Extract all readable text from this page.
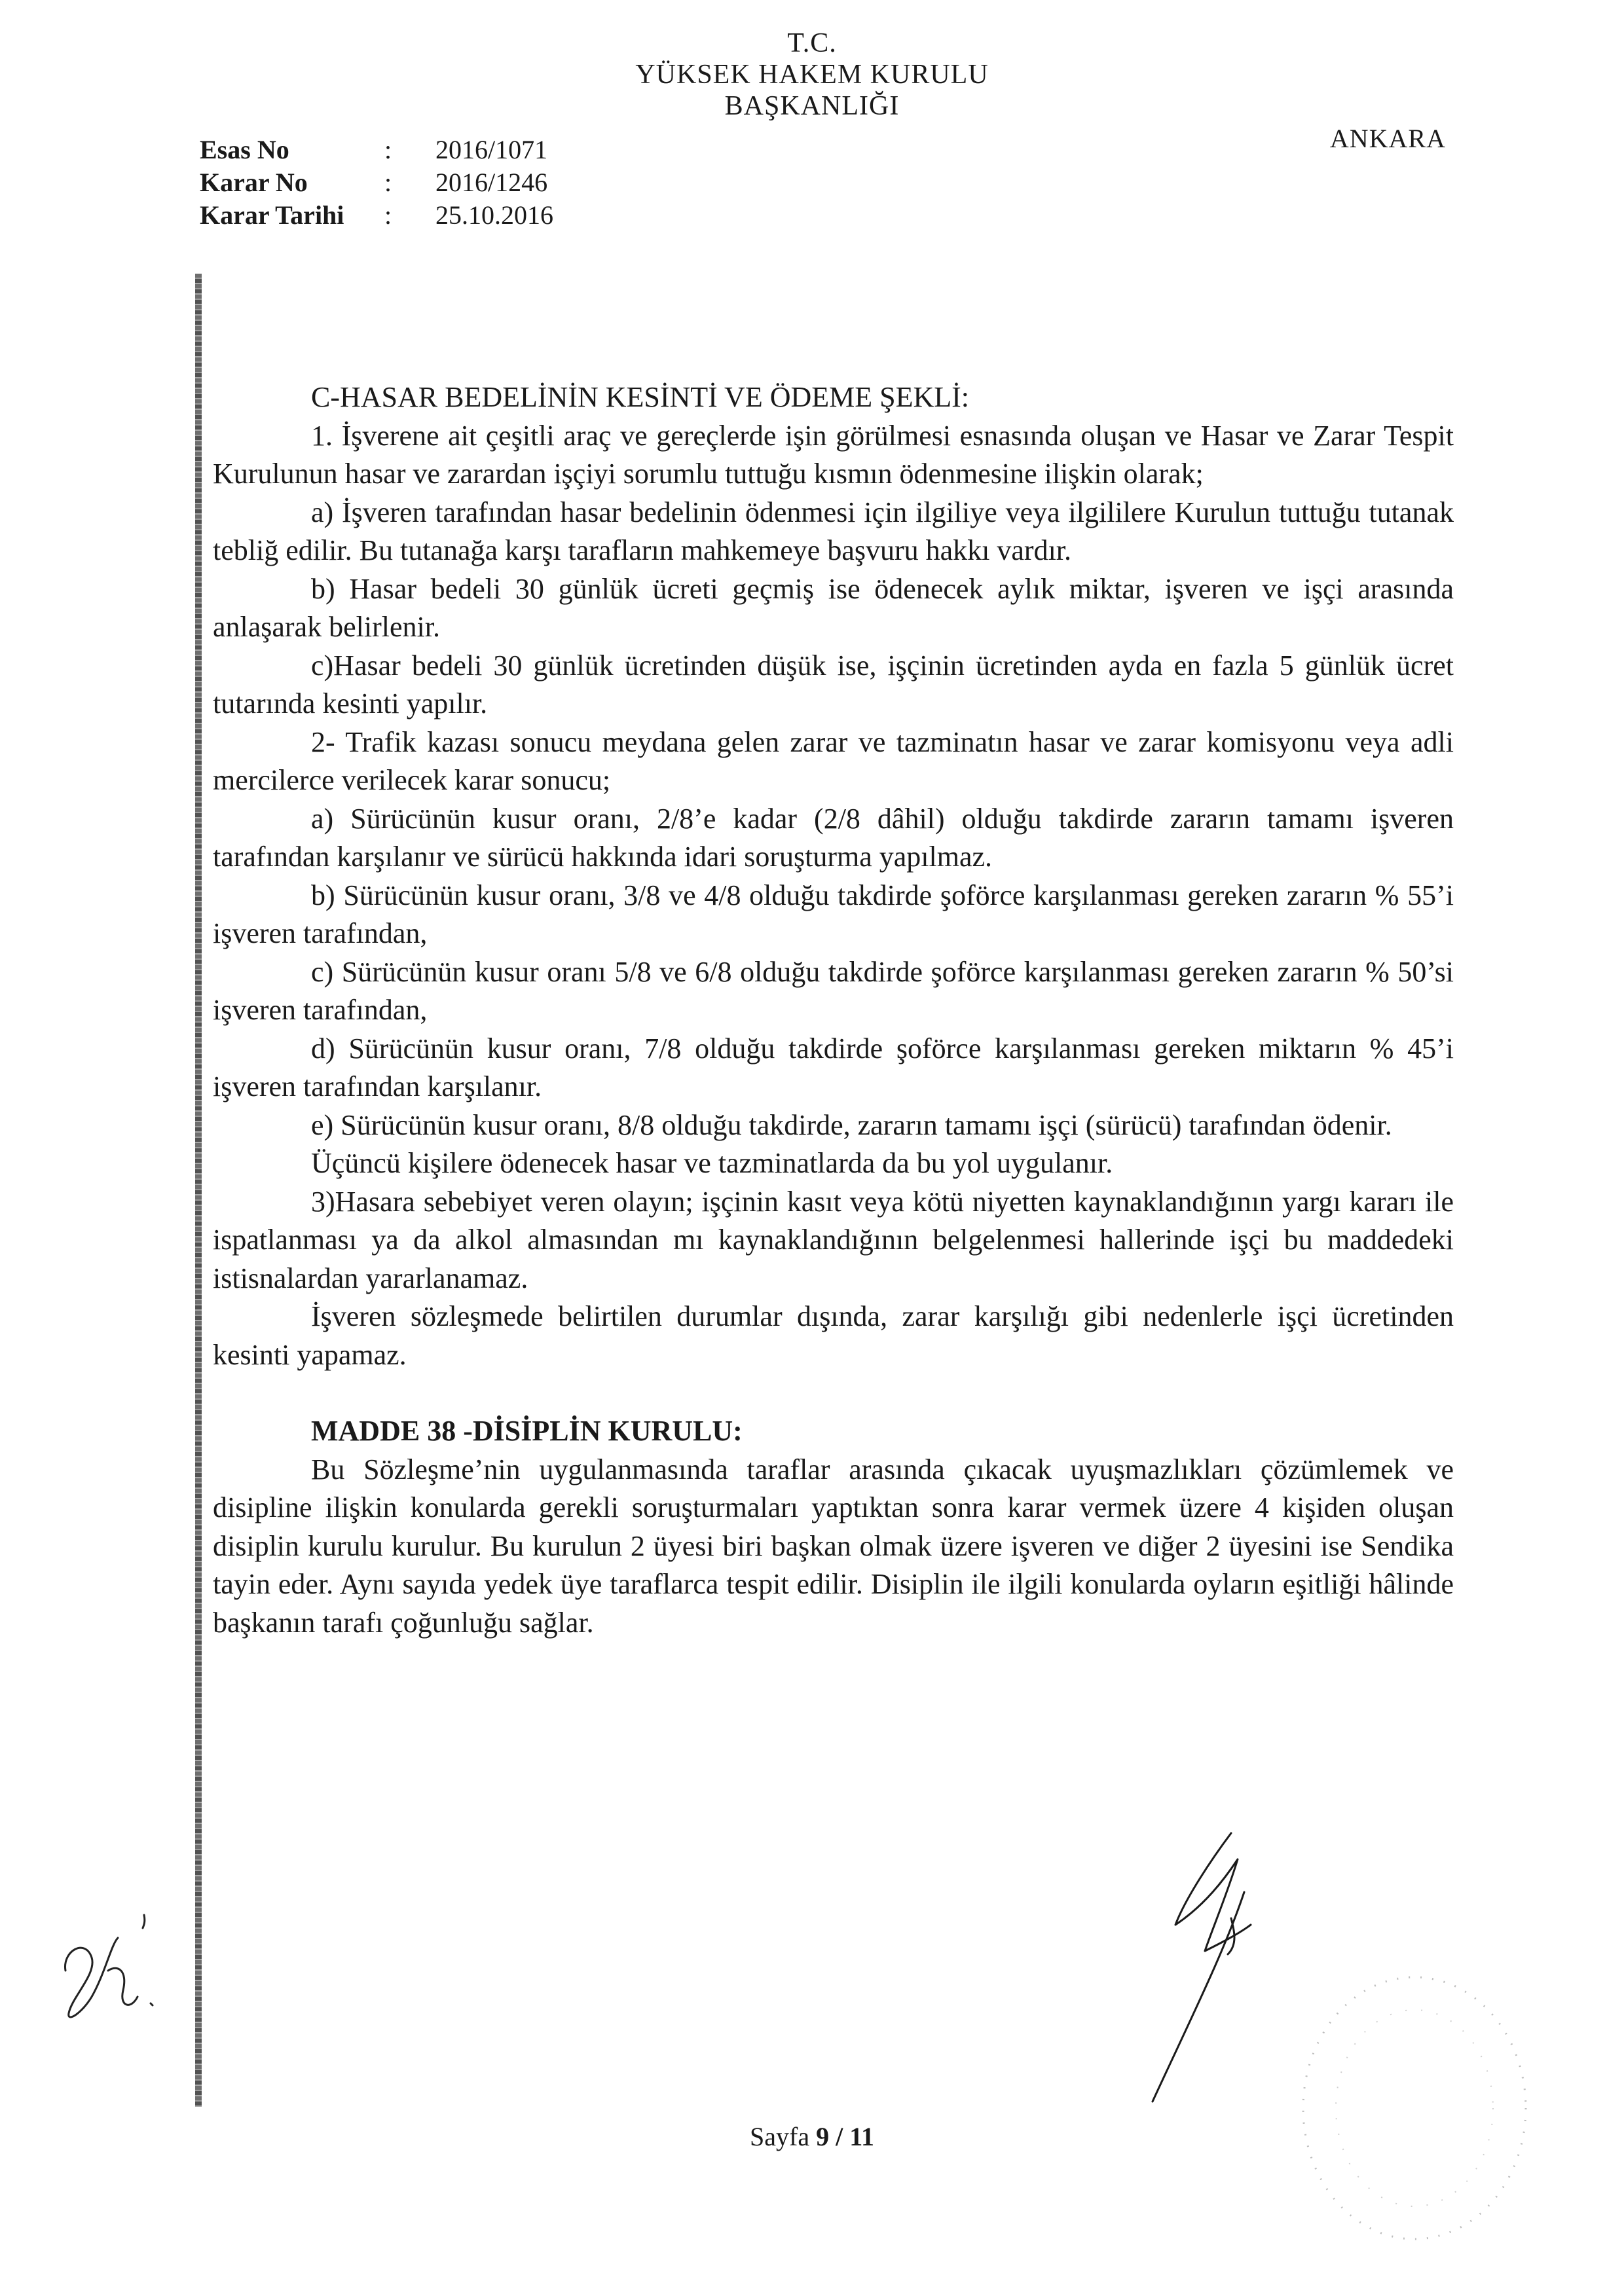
T.C.
YÜKSEK HAKEM KURULU
BAŞKANLIĞI
ANKARA
Esas No	: 2016/1071
Karar No	: 2016/1246
Karar Tarihi : 25.10.2016

C-HASAR BEDELİNİN KESİNTİ VE ÖDEME ŞEKLİ:

1. İşverene ait çeşitli araç ve gereçlerde işin görülmesi esnasında oluşan ve Hasar ve Zarar Tespit Kurulunun hasar ve zarardan işçiyi sorumlu tuttuğu kısmın ödenmesine ilişkin olarak;

a) İşveren tarafından hasar bedelinin ödenmesi için ilgiliye veya ilgililere Kurulun tuttuğu tutanak tebliğ edilir. Bu tutanağa karşı tarafların mahkemeye başvuru hakkı vardır.

b) Hasar bedeli 30 günlük ücreti geçmiş ise ödenecek aylık miktar, işveren ve işçi arasında anlaşarak belirlenir.

c)Hasar bedeli 30 günlük ücretinden düşük ise, işçinin ücretinden ayda en fazla 5 günlük ücret tutarında kesinti yapılır.

2- Trafik kazası sonucu meydana gelen zarar ve tazminatın hasar ve zarar komisyonu veya adli mercilerce verilecek karar sonucu;

a) Sürücünün kusur oranı, 2/8’e kadar (2/8 dâhil) olduğu takdirde zararın tamamı işveren tarafından karşılanır ve sürücü hakkında idari soruşturma yapılmaz.

b) Sürücünün kusur oranı, 3/8 ve 4/8 olduğu takdirde şoförce karşılanması gereken zararın % 55’i işveren tarafından,

c) Sürücünün kusur oranı 5/8 ve 6/8 olduğu takdirde şoförce karşılanması gereken zararın % 50’si işveren tarafından,

d) Sürücünün kusur oranı, 7/8 olduğu takdirde şoförce karşılanması gereken miktarın % 45’i işveren tarafından karşılanır.

e) Sürücünün kusur oranı, 8/8 olduğu takdirde, zararın tamamı işçi (sürücü) tarafından ödenir.

Üçüncü kişilere ödenecek hasar ve tazminatlarda da bu yol uygulanır.

3)Hasara sebebiyet veren olayın; işçinin kasıt veya kötü niyetten kaynaklandığının yargı kararı ile ispatlanması ya da alkol almasından mı kaynaklandığının belgelenmesi hallerinde işçi bu maddedeki istisnalardan yararlanamaz.

İşveren sözleşmede belirtilen durumlar dışında, zarar karşılığı gibi nedenlerle işçi ücretinden kesinti yapamaz.

MADDE 38 -DİSİPLİN KURULU:

Bu Sözleşme’nin uygulanmasında taraflar arasında çıkacak uyuşmazlıkları çözümlemek ve disipline ilişkin konularda gerekli soruşturmaları yaptıktan sonra karar vermek üzere 4 kişiden oluşan disiplin kurulu kurulur. Bu kurulun 2 üyesi biri başkan olmak üzere işveren ve diğer 2 üyesini ise Sendika tayin eder. Aynı sayıda yedek üye taraflarca tespit edilir. Disiplin ile ilgili konularda oyların eşitliği hâlinde başkanın tarafı çoğunluğu sağlar.

Sayfa 9 / 11
